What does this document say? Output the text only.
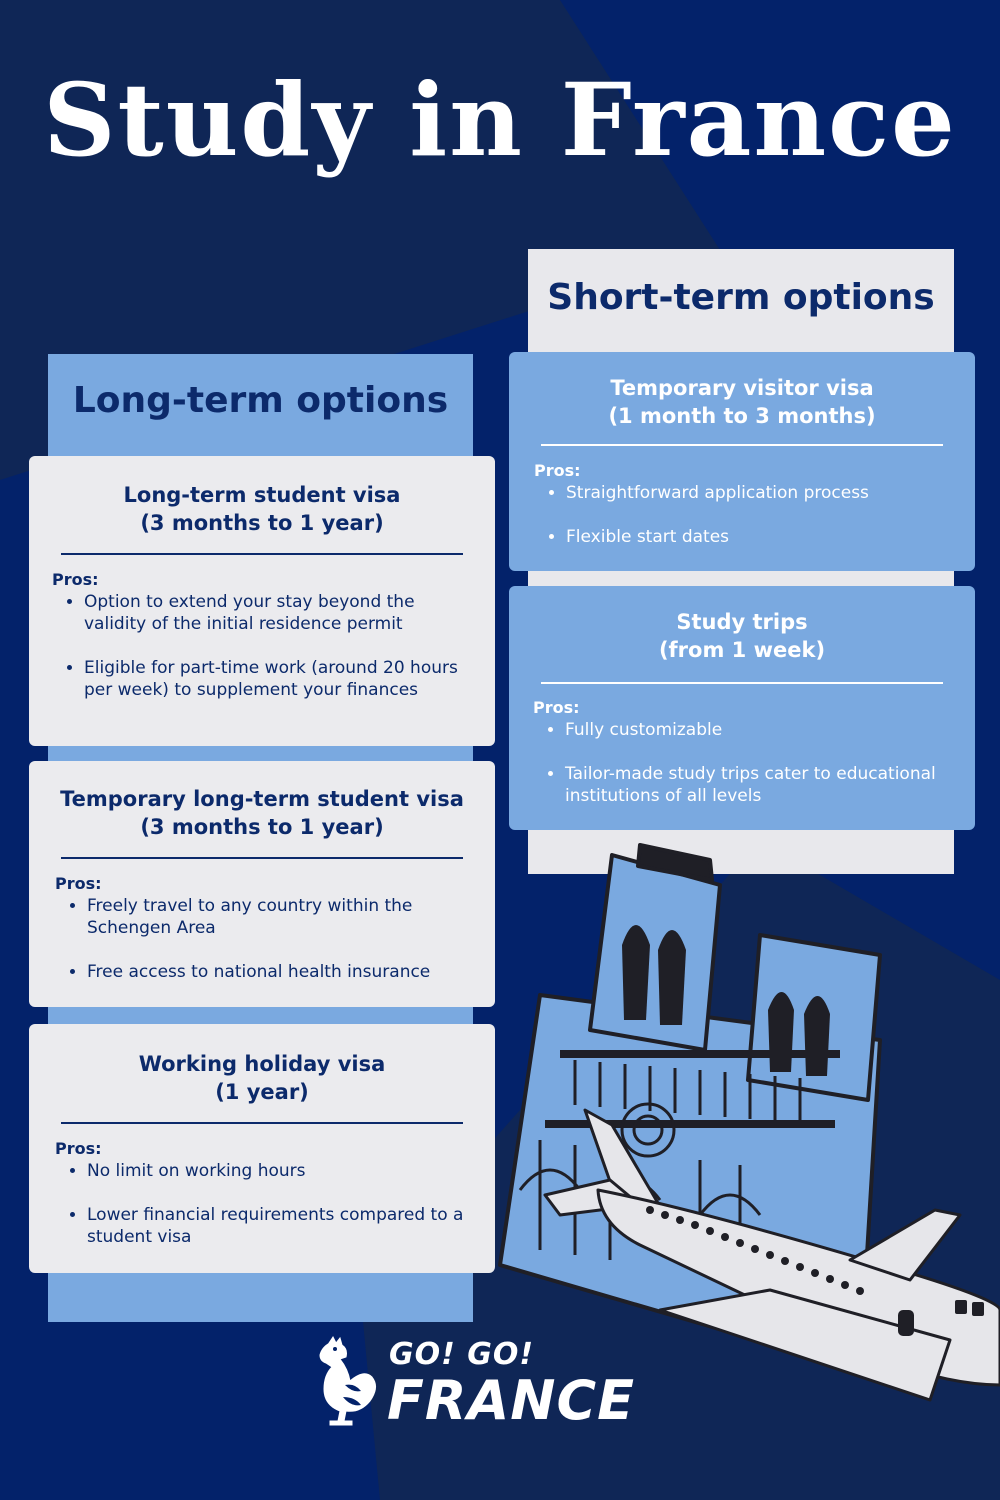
Study in France
Long-term options
Short-term options
Long-term student visa
(3 months to 1 year)

Pros:

• Option to extend your stay beyond the validity of the initial residence permit
• Eligible for part-time work (around 20 hours per week) to supplement your finances
Temporary long-term student visa
(3 months to 1 year)

Pros:

• Freely travel to any country within the Schengen Area
• Free access to national health insurance
Working holiday visa
(1 year)

Pros:

• No limit on working hours
• Lower financial requirements compared to a student visa
Temporary visitor visa
(1 month to 3 months)

Pros:

• Straightforward application process
• Flexible start dates
Study trips
(from 1 week)

Pros:

• Fully customizable
• Tailor-made study trips cater to educational institutions of all levels
GO! GO!
FRANCE
